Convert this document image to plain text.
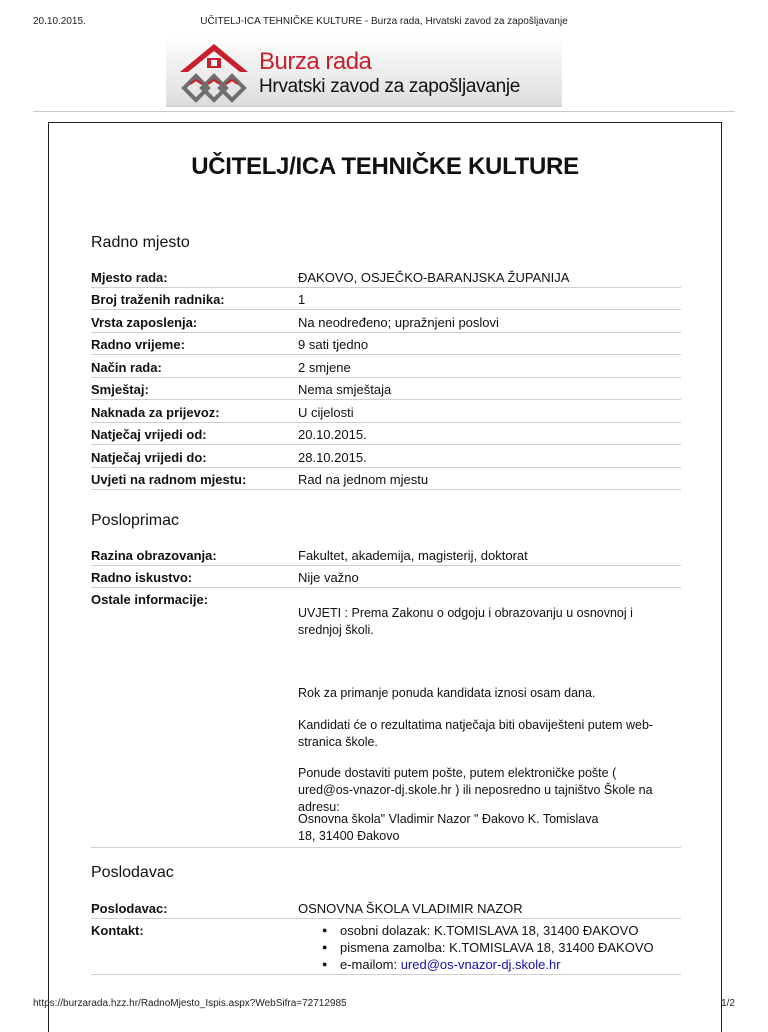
20.10.2015.	UČITELJ-ICA TEHNIČKE KULTURE - Burza rada, Hrvatski zavod za zapošljavanje
Burza rada
Hrvatski zavod za zapošljavanje
UČITELJ/ICA TEHNIČKE KULTURE
Radno mjesto
Mjesto rada:	ĐAKOVO, OSJEČKO-BARANJSKA ŽUPANIJA
Broj traženih radnika:	1
Vrsta zaposlenja:	Na neodređeno; upražnjeni poslovi
Radno vrijeme:	9 sati tjedno
Način rada:	2 smjene
Smještaj:	Nema smještaja
Naknada za prijevoz:	U cijelosti
Natječaj vrijedi od:	20.10.2015.
Natječaj vrijedi do:	28.10.2015.
Uvjeti na radnom mjestu:	Rad na jednom mjestu
Posloprimac
Razina obrazovanja:	Fakultet, akademija, magisterij, doktorat
Radno iskustvo:	Nije važno
Ostale informacije:
UVJETI : Prema Zakonu o odgoju i obrazovanju u osnovnoj i srednjoj školi.
Rok za primanje ponuda kandidata iznosi osam dana.
Kandidati će o rezultatima natječaja biti obaviješteni putem web-stranica škole.
Ponude dostaviti putem pošte, putem elektroničke pošte ( ured@os-vnazor-dj.skole.hr ) ili neposredno u tajništvo Škole na adresu:
Osnovna škola" Vladimir Nazor " Đakovo K. Tomislava 18, 31400 Đakovo
Poslodavac
Poslodavac:	OSNOVNA ŠKOLA VLADIMIR NAZOR
Kontakt:
●	osobni dolazak: K.TOMISLAVA 18, 31400 ĐAKOVO
● pismena zamolba: K.TOMISLAVA 18, 31400 ĐAKOVO
● e-mailom: ured@os-vnazor-dj.skole.hr
https://burzarada.hzz.hr/RadnoMjesto_Ispis.aspx?WebSifra=72712985	1/2
